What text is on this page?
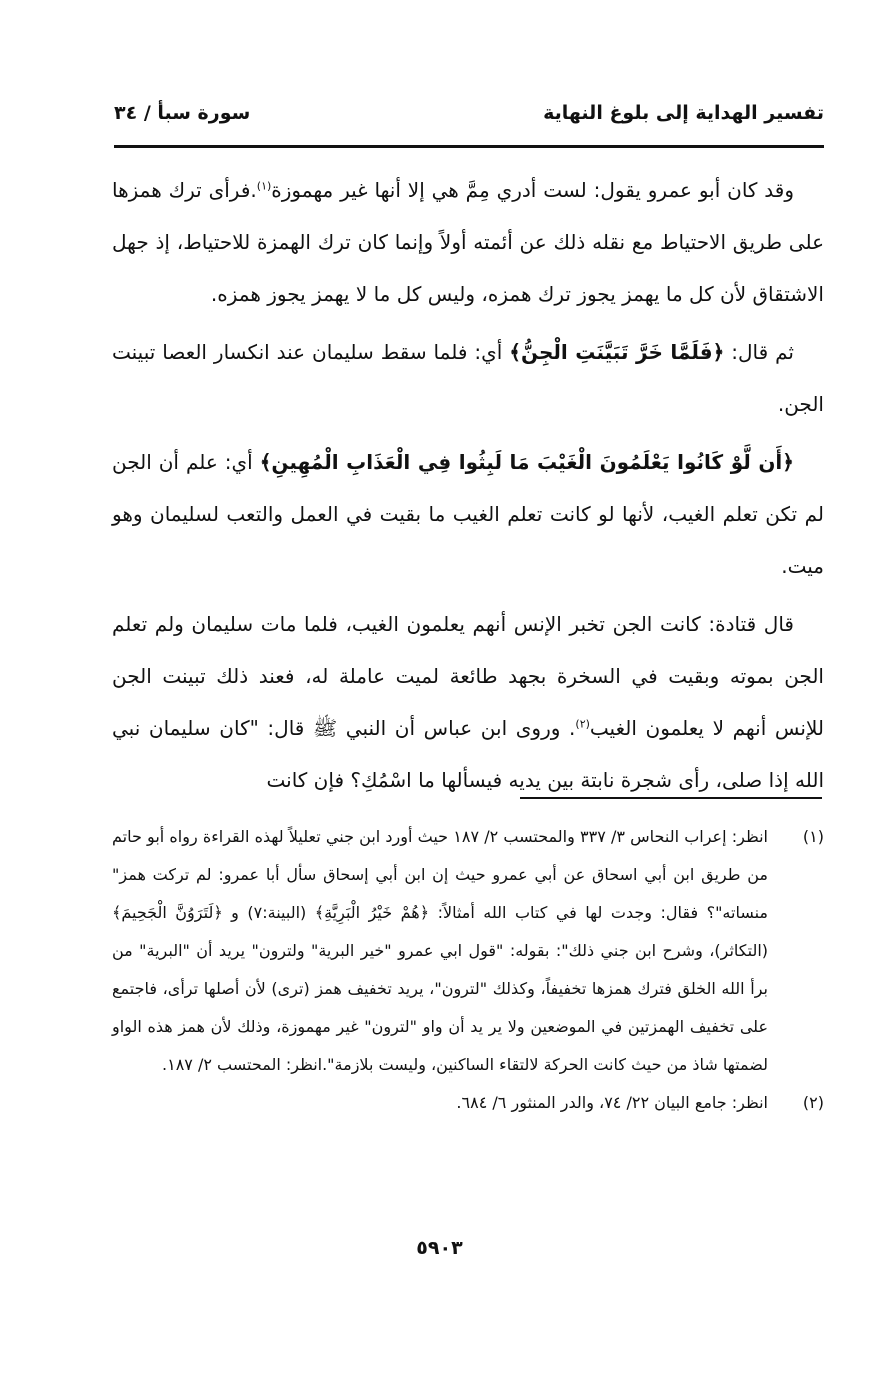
تفسير الهداية إلى بلوغ النهاية
سورة سبأ / ٣٤

وقد كان أبو عمرو يقول: لست أدري مِمَّ هي إلا أنها غير مهموزة$^{(١)}$.فرأى ترك همزها على طريق الاحتياط مع نقله ذلك عن أئمته أولاً وإنما كان ترك الهمزة للاحتياط، إذ جهل الاشتقاق لأن كل ما يهمز يجوز ترك همزه، وليس كل ما لا يهمز يجوز همزه.

ثم قال: ﴿فَلَمَّا خَرَّ تَبَيَّنَتِ الْجِنُّ﴾ أي: فلما سقط سليمان عند انكسار العصا تبينت الجن.

﴿أَن لَّوْ كَانُوا يَعْلَمُونَ الْغَيْبَ مَا لَبِثُوا فِي الْعَذَابِ الْمُهِينِ﴾ أي: علم أن الجن لم تكن تعلم الغيب، لأنها لو كانت تعلم الغيب ما بقيت في العمل والتعب لسليمان وهو ميت.

قال قتادة: كانت الجن تخبر الإنس أنهم يعلمون الغيب، فلما مات سليمان ولم تعلم الجن بموته وبقيت في السخرة بجهد طائعة لميت عاملة له، فعند ذلك تبينت الجن للإنس أنهم لا يعلمون الغيب$^{(٢)}$. وروى ابن عباس أن النبي ﷺ قال: "كان سليمان نبي الله إذا صلى، رأى شجرة نابتة بين يديه فيسألها ما اسْمُكِ؟ فإن كانت

(١)
انظر: إعراب النحاس ٣/ ٣٣٧ والمحتسب ٢/ ١٨٧ حيث أورد ابن جني تعليلاً لهذه القراءة رواه أبو حاتم من طريق ابن أبي اسحاق عن أبي عمرو حيث إن ابن أبي إسحاق سأل أبا عمرو: لم تركت همز" منساته"؟ فقال: وجدت لها في كتاب الله أمثالاً: ﴿هُمْ خَيْرُ الْبَرِيَّةِ﴾ (البينة:٧) و ﴿لَتَرَوُنَّ الْجَحِيمَ﴾ (التكاثر)، وشرح ابن جني ذلك": بقوله: "قول ابي عمرو "خير البرية" ولترون" يريد أن "البرية" من برأ الله الخلق فترك همزها تخفيفاً، وكذلك "لترون"، يريد تخفيف همز (ترى) لأن أصلها ترأى، فاجتمع على تخفيف الهمزتين في الموضعين ولا ير يد أن واو "لترون" غير مهموزة، وذلك لأن همز هذه الواو لضمتها شاذ من حيث كانت الحركة لالتقاء الساكنين، وليست بلازمة".انظر: المحتسب ٢/ ١٨٧.
(٢)
انظر: جامع البيان ٢٢/ ٧٤، والدر المنثور ٦/ ٦٨٤.
٥٩٠٣
